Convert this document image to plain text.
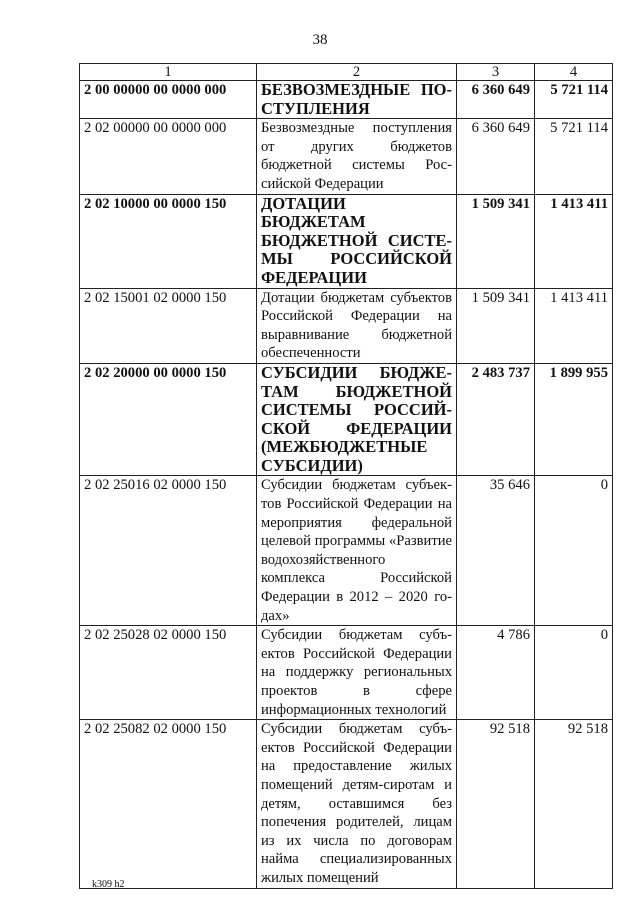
38
1	2	3	4
2 00 00000 00 0000 000	БЕЗВОЗМЕЗДНЫЕ ПОСТУПЛЕНИЯ	6 360 649	5 721 114
2 02 00000 00 0000 000	Безвозмездные поступления от других бюджетов бюджетной системы Российской Федерации	6 360 649	5 721 114
2 02 10000 00 0000 150	ДОТАЦИИ БЮДЖЕТАМ БЮДЖЕТНОЙ СИСТЕМЫ РОССИЙСКОЙ ФЕДЕРАЦИИ	1 509 341	1 413 411
2 02 15001 02 0000 150	Дотации бюджетам субъектов Российской Федерации на выравнивание бюджетной обеспеченности	1 509 341	1 413 411
2 02 20000 00 0000 150	СУБСИДИИ БЮДЖЕТАМ БЮДЖЕТНОЙ СИСТЕМЫ РОССИЙСКОЙ ФЕДЕРАЦИИ (МЕЖБЮДЖЕТНЫЕ СУБСИДИИ)	2 483 737	1 899 955
2 02 25016 02 0000 150	Субсидии бюджетам субъектов Российской Федерации на мероприятия федеральной целевой программы «Развитие водохозяйственного комплекса Российской Федерации в 2012 – 2020 годах»	35 646	0
2 02 25028 02 0000 150	Субсидии бюджетам субъектов Российской Федерации на поддержку региональных проектов в сфере информационных технологий	4 786	0
2 02 25082 02 0000 150	Субсидии бюджетам субъектов Российской Федерации на предоставление жилых помещений детям-сиротам и детям, оставшимся без попечения родителей, лицам из их числа по договорам найма специализированных жилых помещений	92 518	92 518
k309 h2
